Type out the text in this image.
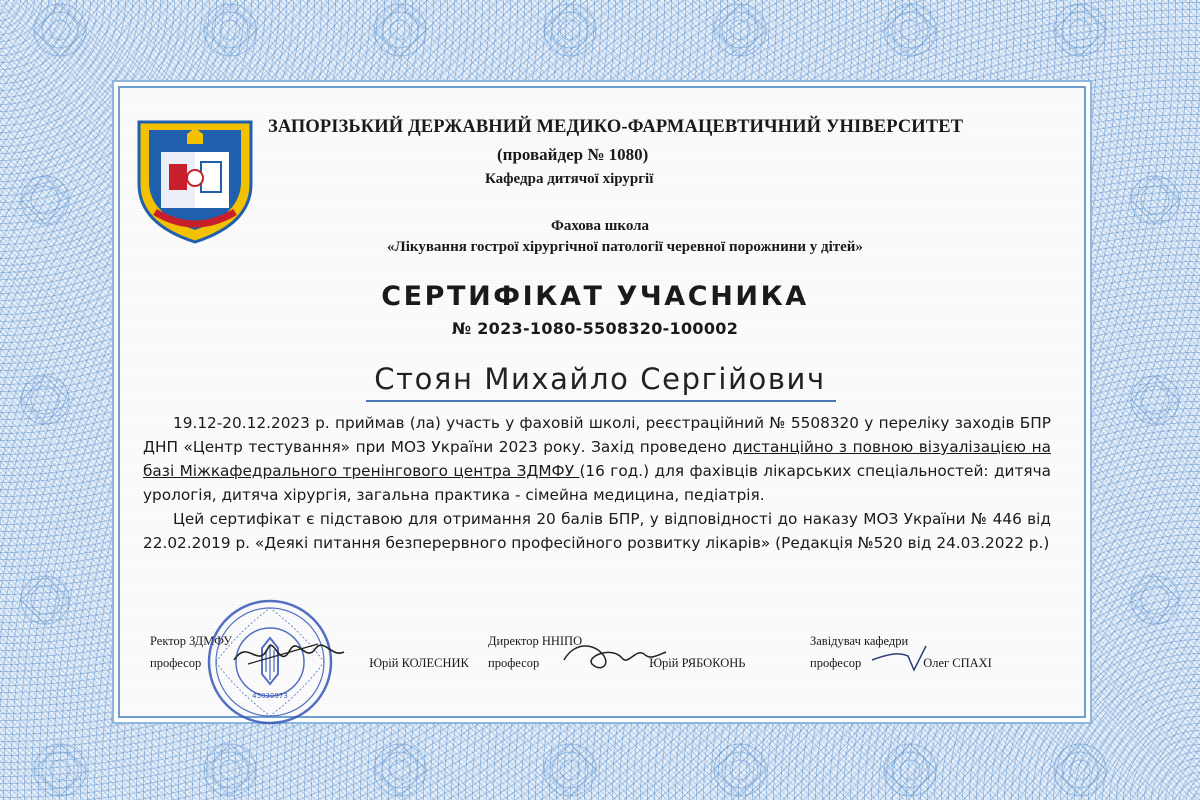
ЗАПОРІЗЬКИЙ ДЕРЖАВНИЙ МЕДИКО-ФАРМАЦЕВТИЧНИЙ УНІВЕРСИТЕТ
(провайдер № 1080)
Кафедра дитячої хірургії
Фахова школа
«Лікування гострої хірургічної патології черевної порожнини у дітей»
СЕРТИФІКАТ УЧАСНИКА
№ 2023-1080-5508320-100002
Стоян Михайло Сергійович

19.12-20.12.2023 р. приймав (ла) участь у фаховій школі, реєстраційний № 5508320 у переліку заходів БПР ДНП «Центр тестування» при МОЗ України 2023 року. Захід проведено дистанційно з повною візуалізацією на базі Міжкафедрального тренінгового центра ЗДМФУ (16 год.) для фахівців лікарських спеціальностей: дитяча урологія, дитяча хірургія, загальна практика - сімейна медицина, педіатрія.

Цей сертифікат є підставою для отримання 20 балів БПР, у відповідності до наказу МОЗ України № 446 від 22.02.2019 р. «Деякі питання безперервного професійного розвитку лікарів» (Редакція №520 від 24.03.2022 р.)

Ректор ЗДМФУ
професор	Юрій КОЛЕСНИК
Директор ННІПО
професор	Юрій РЯБОКОНЬ
Завідувач кафедри
професор	Олег СПАХІ
45030973
